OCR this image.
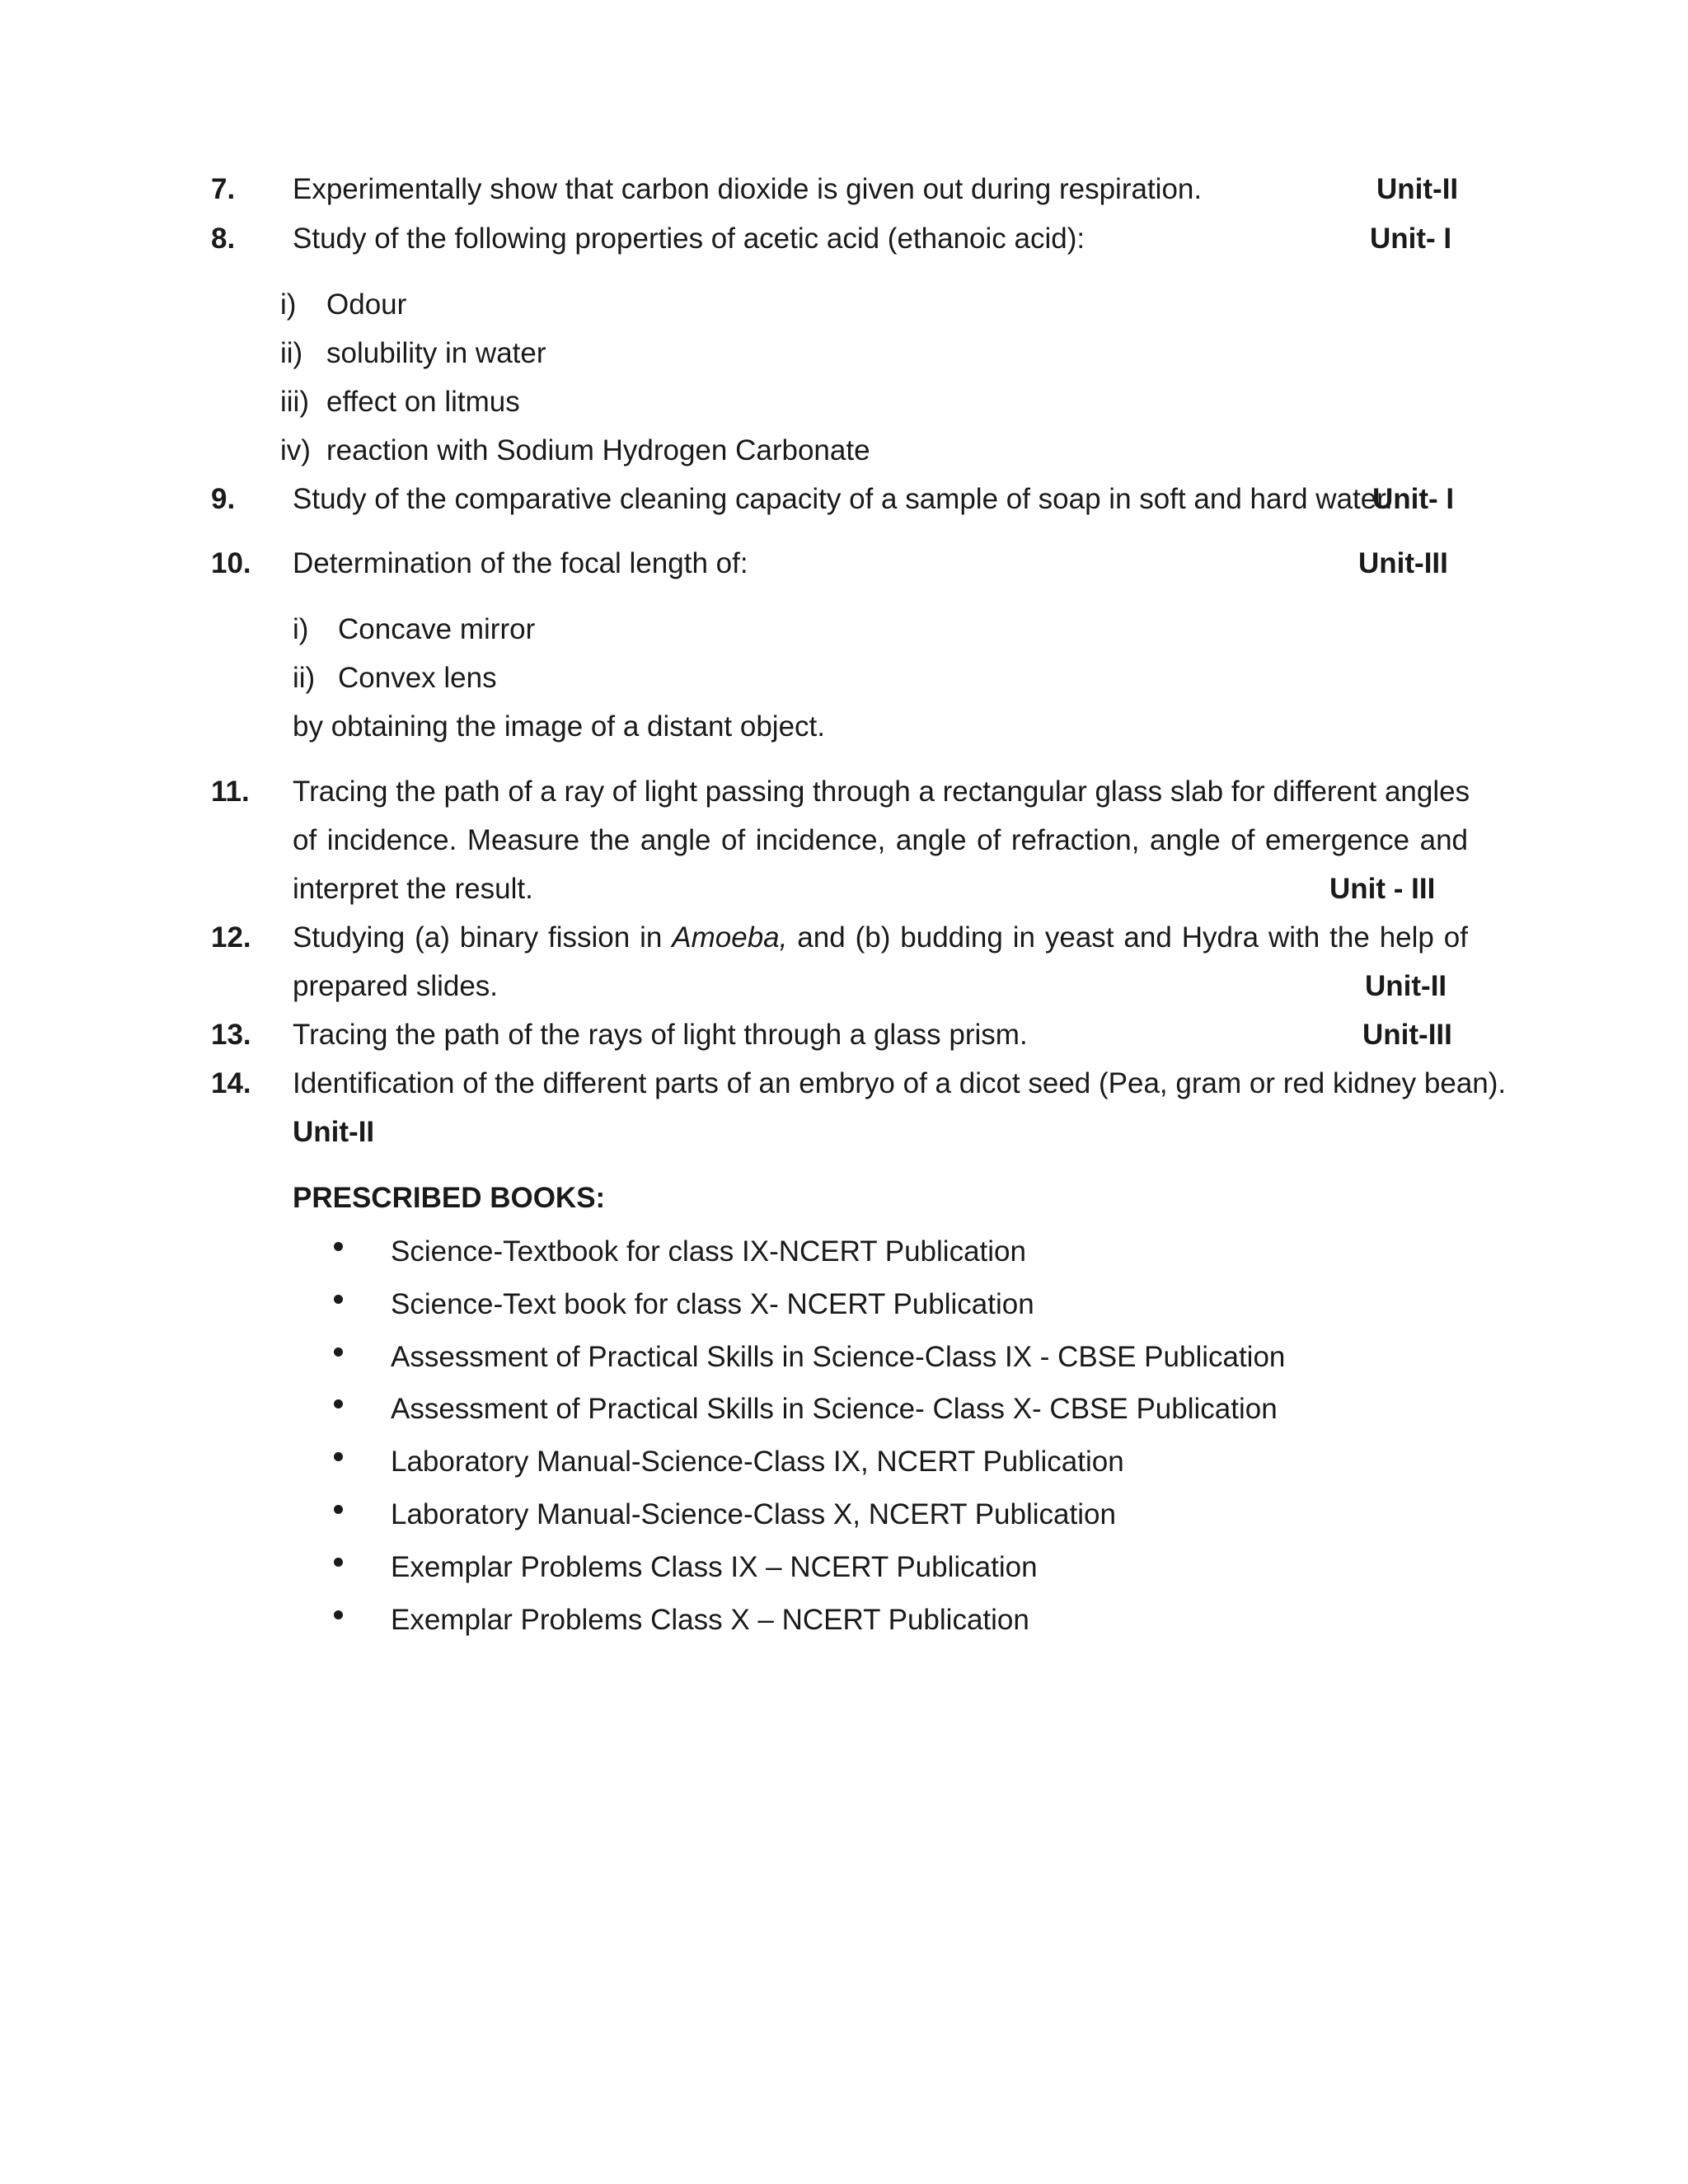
7. Experimentally show that carbon dioxide is given out during respiration.	Unit-II
8. Study of the following properties of acetic acid (ethanoic acid):	Unit- I
i) Odour
ii) solubility in water
iii) effect on litmus
iv) reaction with Sodium Hydrogen Carbonate
9. Study of the comparative cleaning capacity of a sample of soap in soft and hard water.
Unit- I
10. Determination of the focal length of:	Unit-III
i) Concave mirror
ii) Convex lens
by obtaining the image of a distant object.
11. Tracing the path of a ray of light passing through a rectangular glass slab for different angles
of incidence. Measure the angle of incidence, angle of refraction, angle of emergence and
interpret the result.	Unit - III
12. Studying (a) binary fission in Amoeba, and (b) budding in yeast and Hydra with the help of
prepared slides.	Unit-II
13. Tracing the path of the rays of light through a glass prism.	Unit-III
14. Identification of the different parts of an embryo of a dicot seed (Pea, gram or red kidney bean).
Unit-II
PRESCRIBED BOOKS:
Science-Textbook for class IX-NCERT Publication
Science-Text book for class X- NCERT Publication
Assessment of Practical Skills in Science-Class IX - CBSE Publication
Assessment of Practical Skills in Science- Class X- CBSE Publication
Laboratory Manual-Science-Class IX, NCERT Publication
Laboratory Manual-Science-Class X, NCERT Publication
Exemplar Problems Class IX – NCERT Publication
Exemplar Problems Class X – NCERT Publication
